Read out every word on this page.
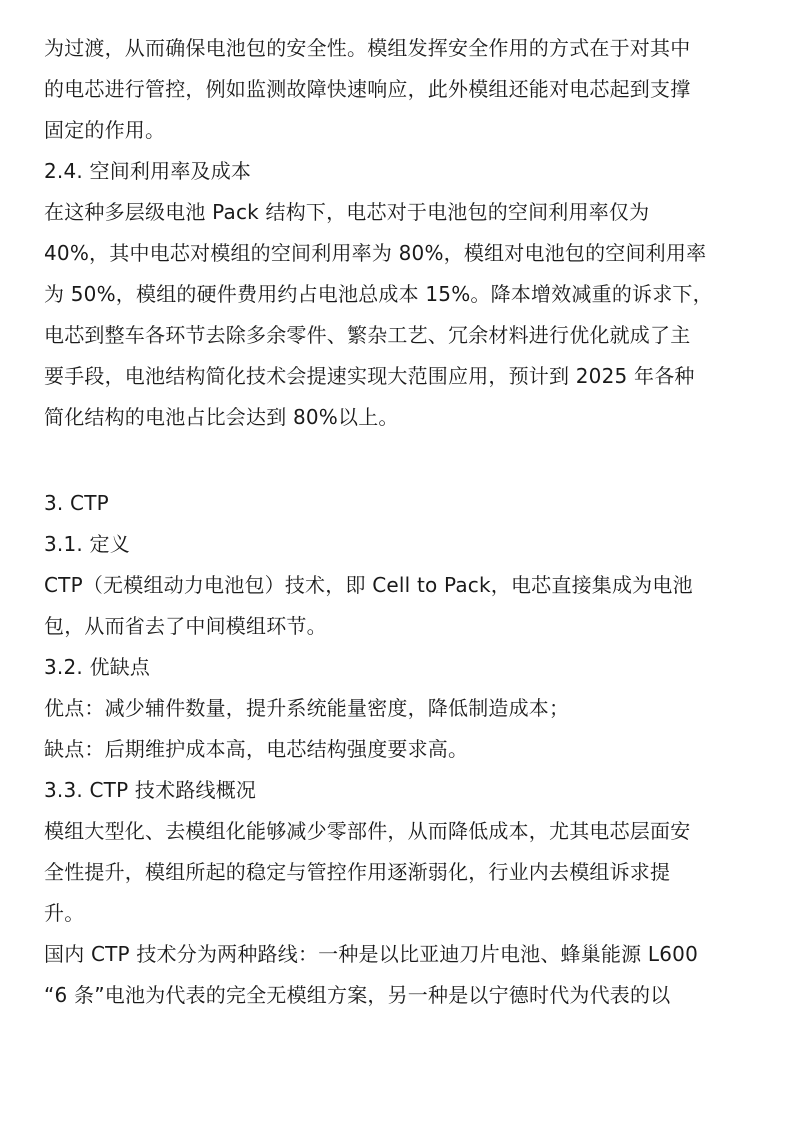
为过渡，从而确保电池包的安全性。模组发挥安全作用的方式在于对其中
的电芯进行管控，例如监测故障快速响应，此外模组还能对电芯起到支撑
固定的作用。
2.4. 空间利用率及成本
在这种多层级电池 Pack 结构下，电芯对于电池包的空间利用率仅为
40%，其中电芯对模组的空间利用率为 80%，模组对电池包的空间利用率
为 50%，模组的硬件费用约占电池总成本 15%。降本增效减重的诉求下，
电芯到整车各环节去除多余零件、繁杂工艺、冗余材料进行优化就成了主
要手段，电池结构简化技术会提速实现大范围应用，预计到 2025 年各种
简化结构的电池占比会达到 80%以上。
3. CTP
3.1. 定义
CTP（无模组动力电池包）技术，即 Cell to Pack，电芯直接集成为电池
包，从而省去了中间模组环节。
3.2. 优缺点
优点：减少辅件数量，提升系统能量密度，降低制造成本；
缺点：后期维护成本高，电芯结构强度要求高。
3.3. CTP 技术路线概况
模组大型化、去模组化能够减少零部件，从而降低成本，尤其电芯层面安
全性提升，模组所起的稳定与管控作用逐渐弱化，行业内去模组诉求提
升。
国内 CTP 技术分为两种路线：一种是以比亚迪刀片电池、蜂巢能源 L600
“6 条”电池为代表的完全无模组方案，另一种是以宁德时代为代表的以
